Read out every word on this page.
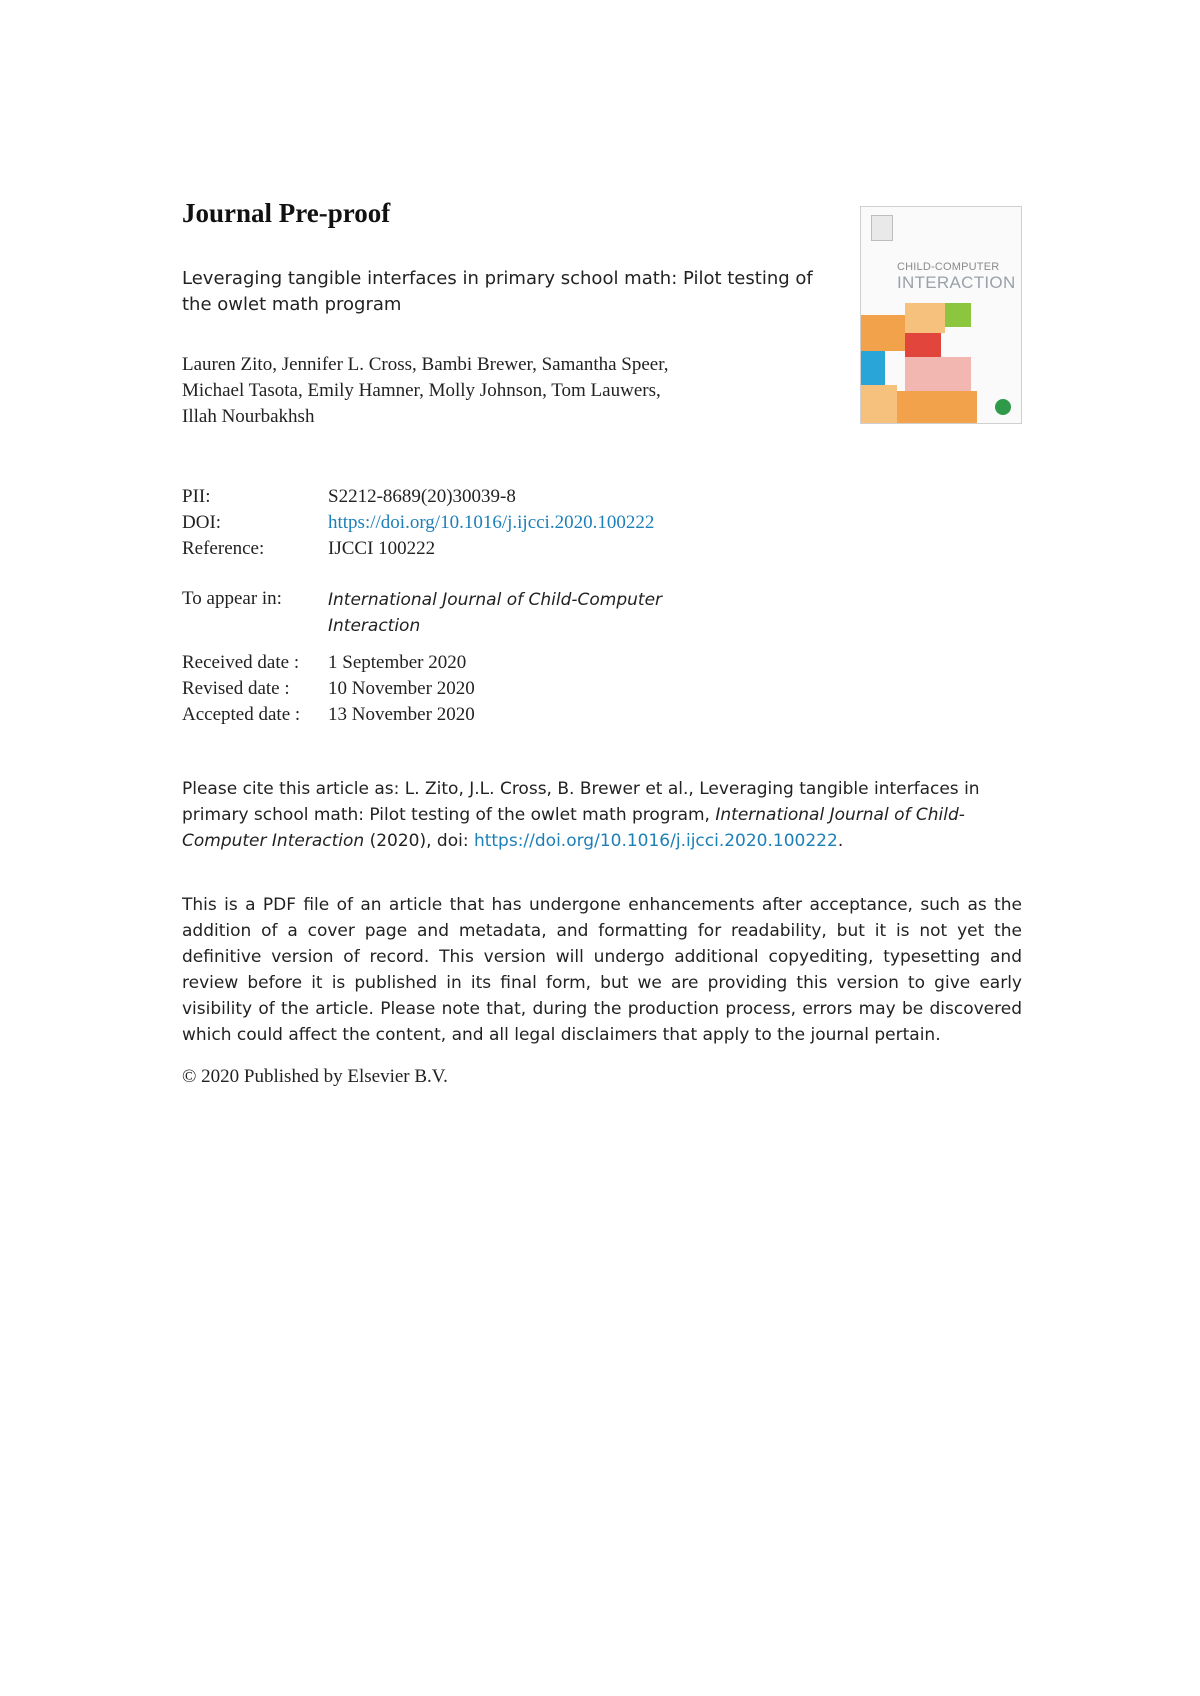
Journal Pre-proof

Leveraging tangible interfaces in primary school math: Pilot testing of the owlet math program

Lauren Zito, Jennifer L. Cross, Bambi Brewer, Samantha Speer,
Michael Tasota, Emily Hamner, Molly Johnson, Tom Lauwers,
Illah Nourbakhsh
CHILD-COMPUTER
INTERACTION
PII:	S2212-8689(20)30039-8
DOI:	https://doi.org/10.1016/j.ijcci.2020.100222
Reference:	IJCCI 100222
To appear in:	International Journal of Child-Computer
Interaction
Received date : 1 September 2020
Revised date : 10 November 2020
Accepted date : 13 November 2020

Please cite this article as: L. Zito, J.L. Cross, B. Brewer et al., Leveraging tangible interfaces in primary school math: Pilot testing of the owlet math program, International Journal of Child-Computer Interaction (2020), doi: https://doi.org/10.1016/j.ijcci.2020.100222.

This is a PDF file of an article that has undergone enhancements after acceptance, such as the addition of a cover page and metadata, and formatting for readability, but it is not yet the definitive version of record. This version will undergo additional copyediting, typesetting and review before it is published in its final form, but we are providing this version to give early visibility of the article. Please note that, during the production process, errors may be discovered which could affect the content, and all legal disclaimers that apply to the journal pertain.

© 2020 Published by Elsevier B.V.
